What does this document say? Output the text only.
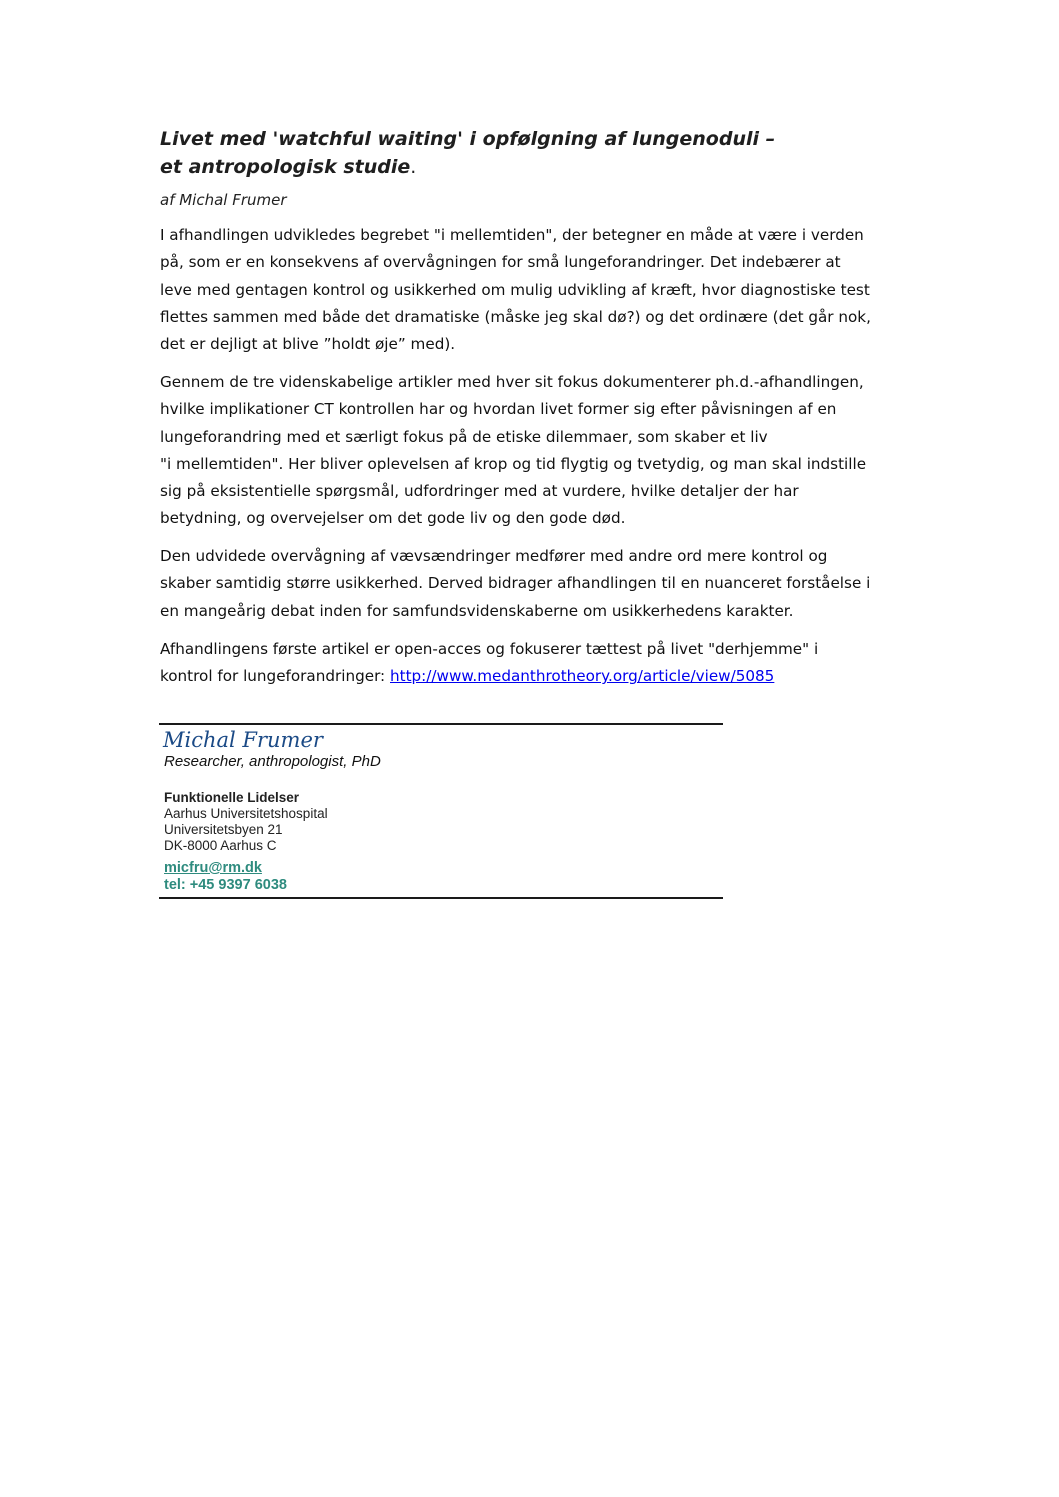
Livet med 'watchful waiting' i opfølgning af lungenoduli –
et antropologisk studie.

af Michal Frumer

I afhandlingen udvikledes begrebet "i mellemtiden", der betegner en måde at være i verden
på, som er en konsekvens af overvågningen for små lungeforandringer. Det indebærer at
leve med gentagen kontrol og usikkerhed om mulig udvikling af kræft, hvor diagnostiske test
flettes sammen med både det dramatiske (måske jeg skal dø?) og det ordinære (det går nok,
det er dejligt at blive ”holdt øje” med).

Gennem de tre videnskabelige artikler med hver sit fokus dokumenterer ph.d.-afhandlingen,
hvilke implikationer CT kontrollen har og hvordan livet former sig efter påvisningen af en
lungeforandring med et særligt fokus på de etiske dilemmaer, som skaber et liv
"i mellemtiden". Her bliver oplevelsen af krop og tid flygtig og tvetydig, og man skal indstille
sig på eksistentielle spørgsmål, udfordringer med at vurdere, hvilke detaljer der har
betydning, og overvejelser om det gode liv og den gode død.

Den udvidede overvågning af vævsændringer medfører med andre ord mere kontrol og
skaber samtidig større usikkerhed. Derved bidrager afhandlingen til en nuanceret forståelse i
en mangeårig debat inden for samfundsvidenskaberne om usikkerhedens karakter.

Afhandlingens første artikel er open-acces og fokuserer tættest på livet "derhjemme" i
kontrol for lungeforandringer: http://www.medanthrotheory.org/article/view/5085

Michal Frumer

Researcher, anthropologist, PhD

Funktionelle Lidelser
Aarhus Universitetshospital
Universitetsbyen 21
DK-8000 Aarhus C

micfru@rm.dk
tel: +45 9397 6038
